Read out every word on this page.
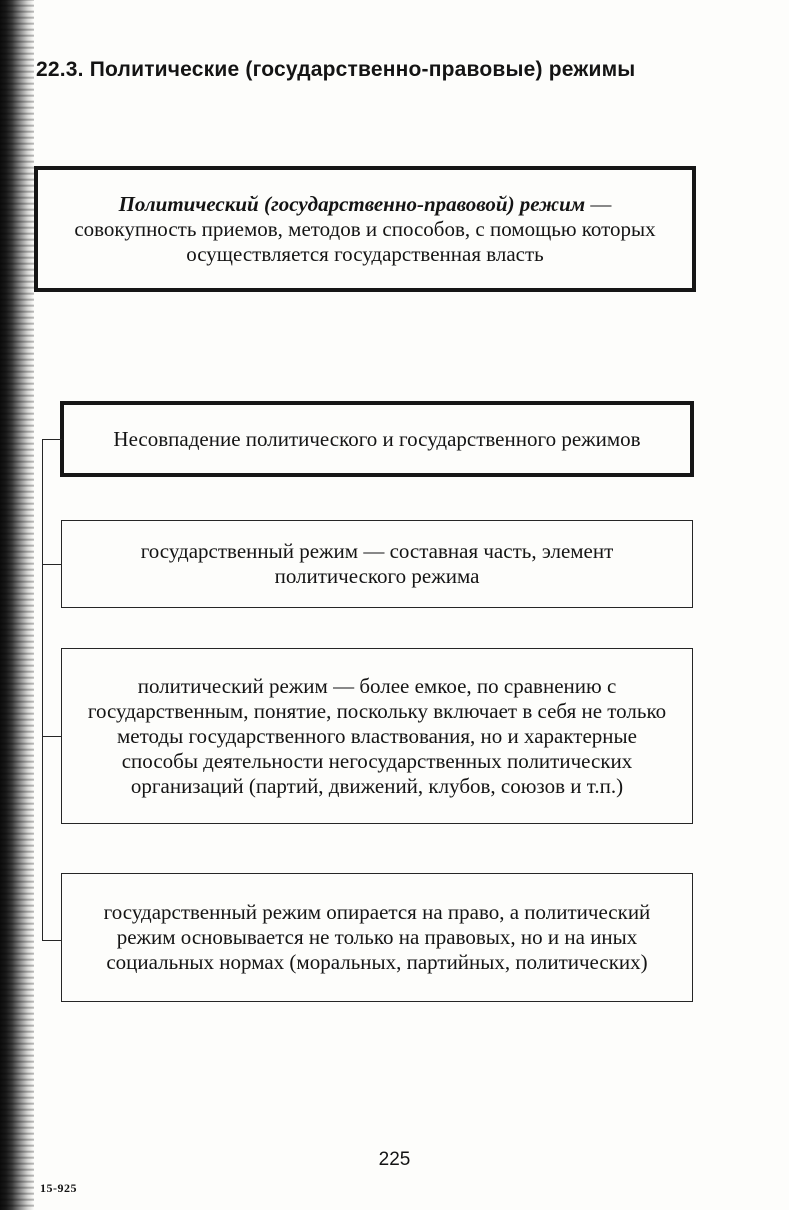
22.3. Политические (государственно-правовые) режимы

Политический (государственно-правовой) режим — совокупность приемов, методов и способов, с помощью которых осуществляется государственная власть

Несовпадение политического и государственного режимов

государственный режим — составная часть, элемент политического режима

политический режим — более емкое, по сравнению с государственным, понятие, поскольку включает в себя не только методы государственного властвования, но и характерные способы деятельности негосударственных политических организаций (партий, движений, клубов, союзов и т.п.)

государственный режим опирается на право, а политический режим основывается не только на правовых, но и на иных социальных нормах (моральных, партийных, политических)

225
15-925
